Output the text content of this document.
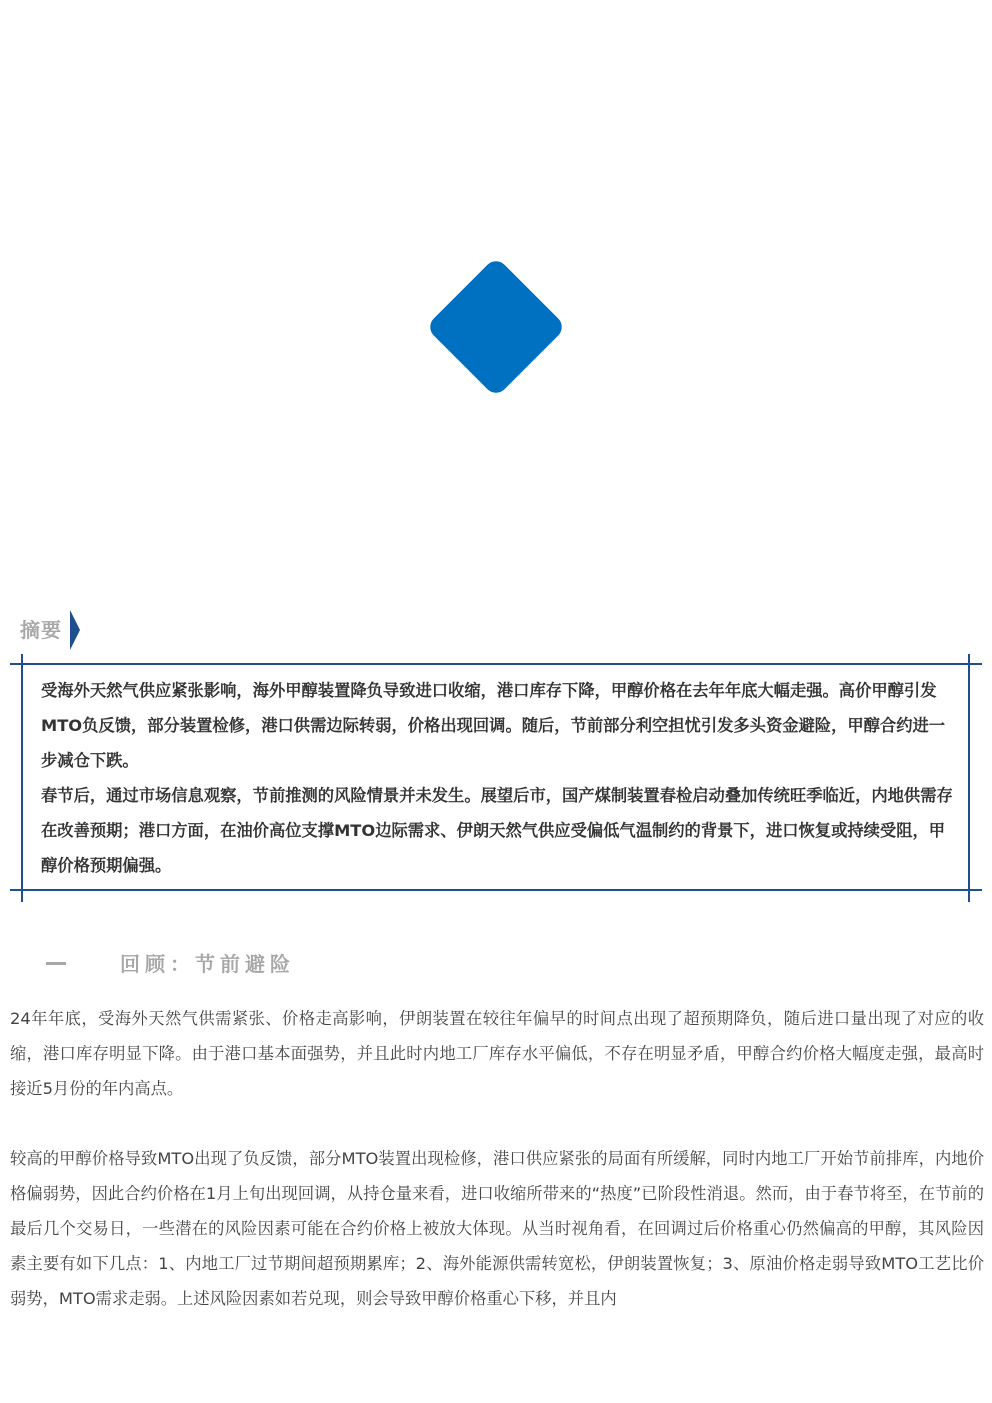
摘要

受海外天然气供应紧张影响，海外甲醇装置降负导致进口收缩，港口库存下降，甲醇价格在去年年底大幅走强。高价甲醇引发MTO负反馈，部分装置检修，港口供需边际转弱，价格出现回调。随后，节前部分利空担忧引发多头资金避险，甲醇合约进一步减仓下跌。

春节后，通过市场信息观察，节前推测的风险情景并未发生。展望后市，国产煤制装置春检启动叠加传统旺季临近，内地供需存在改善预期；港口方面，在油价高位支撑MTO边际需求、伊朗天然气供应受偏低气温制约的背景下，进口恢复或持续受阻，甲醇价格预期偏强。

回顾：节前避险

24年年底，受海外天然气供需紧张、价格走高影响，伊朗装置在较往年偏早的时间点出现了超预期降负，随后进口量出现了对应的收缩，港口库存明显下降。由于港口基本面强势，并且此时内地工厂库存水平偏低，不存在明显矛盾，甲醇合约价格大幅度走强，最高时接近5月份的年内高点。

较高的甲醇价格导致MTO出现了负反馈，部分MTO装置出现检修，港口供应紧张的局面有所缓解，同时内地工厂开始节前排库，内地价格偏弱势，因此合约价格在1月上旬出现回调，从持仓量来看，进口收缩所带来的“热度”已阶段性消退。然而，由于春节将至，在节前的最后几个交易日，一些潜在的风险因素可能在合约价格上被放大体现。从当时视角看，在回调过后价格重心仍然偏高的甲醇，其风险因素主要有如下几点：1、内地工厂过节期间超预期累库；2、海外能源供需转宽松，伊朗装置恢复；3、原油价格走弱导致MTO工艺比价弱势，MTO需求走弱。上述风险因素如若兑现，则会导致甲醇价格重心下移，并且内
